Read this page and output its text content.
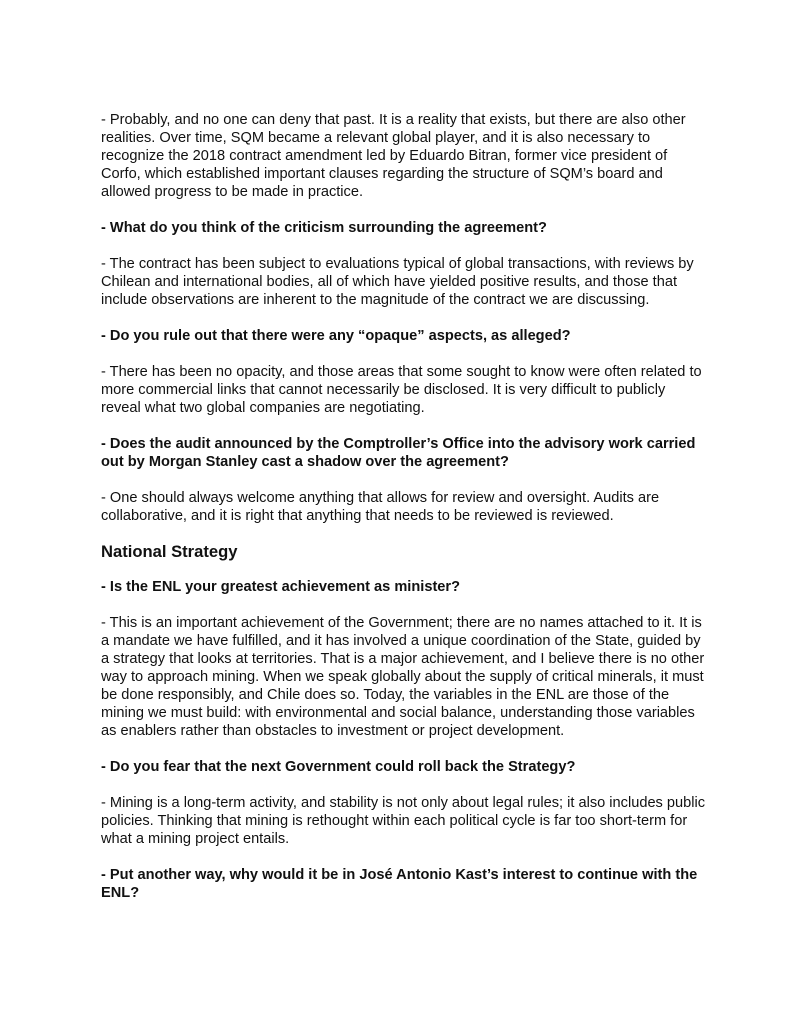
- Probably, and no one can deny that past. It is a reality that exists, but there are also other realities. Over time, SQM became a relevant global player, and it is also necessary to recognize the 2018 contract amendment led by Eduardo Bitran, former vice president of Corfo, which established important clauses regarding the structure of SQM’s board and allowed progress to be made in practice.

- What do you think of the criticism surrounding the agreement?

- The contract has been subject to evaluations typical of global transactions, with reviews by Chilean and international bodies, all of which have yielded positive results, and those that include observations are inherent to the magnitude of the contract we are discussing.

- Do you rule out that there were any “opaque” aspects, as alleged?

- There has been no opacity, and those areas that some sought to know were often related to more commercial links that cannot necessarily be disclosed. It is very difficult to publicly reveal what two global companies are negotiating.

- Does the audit announced by the Comptroller’s Office into the advisory work carried out by Morgan Stanley cast a shadow over the agreement?

- One should always welcome anything that allows for review and oversight. Audits are collaborative, and it is right that anything that needs to be reviewed is reviewed.

National Strategy

- Is the ENL your greatest achievement as minister?

- This is an important achievement of the Government; there are no names attached to it. It is a mandate we have fulfilled, and it has involved a unique coordination of the State, guided by a strategy that looks at territories. That is a major achievement, and I believe there is no other way to approach mining. When we speak globally about the supply of critical minerals, it must be done responsibly, and Chile does so. Today, the variables in the ENL are those of the mining we must build: with environmental and social balance, understanding those variables as enablers rather than obstacles to investment or project development.

- Do you fear that the next Government could roll back the Strategy?

- Mining is a long-term activity, and stability is not only about legal rules; it also includes public policies. Thinking that mining is rethought within each political cycle is far too short-term for what a mining project entails.

- Put another way, why would it be in José Antonio Kast’s interest to continue with the ENL?
